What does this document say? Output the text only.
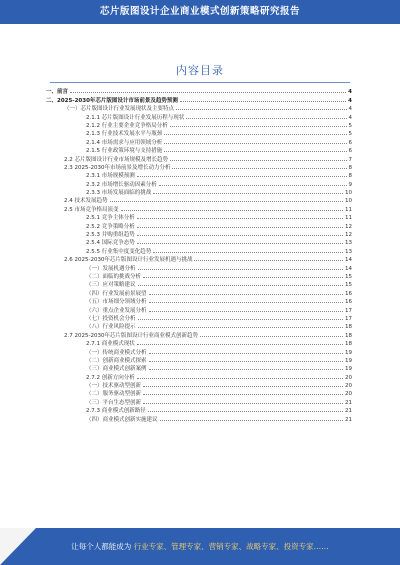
芯片版图设计企业商业模式创新策略研究报告
内容目录
一、前言	4
二、2025-2030年芯片版图设计市场前景及趋势预测	4
（一）芯片版图设计行业发展现状及主要特点	4
2.1.1 芯片版图设计行业发展历程与现状	4
2.1.2 行业主要企业竞争格局分析	5
2.1.3 行业技术发展水平与瓶颈	5
2.1.4 市场需求与应用领域分析	6
2.1.5 行业政策环境与支持措施	6
2.2 芯片版图设计行业市场规模及增长趋势	7
2.3 2025-2030年市场前景及增长动力分析	8
2.3.1 市场规模预测	8
2.3.2 市场增长驱动因素分析	9
2.3.3 市场发展面临的挑战	10
2.4 技术发展趋势	10
2.5 市场竞争格局演变	11
2.5.1 竞争主体分析	11
2.5.2 竞争策略分析	12
2.5.3 并购重组趋势	12
2.5.4 国际竞争态势	13
2.5.5 行业集中度变化趋势	13
2.6 2025-2030年芯片版图设计行业发展机遇与挑战	14
（一）发展机遇分析	14
（二）面临的挑战分析	15
（三）应对策略建议	15
（四）行业发展前景展望	16
（五）市场细分领域分析	16
（六）重点企业发展分析	17
（七）投资机会分析	17
（八）行业风险提示	18
2.7 2025-2030年芯片版图设计行业商业模式创新趋势	18
2.7.1 商业模式现状	18
（一）传统商业模式分析	19
（二）创新商业模式探索	19
（三）商业模式创新案例	19
2.7.2 创新方向分析	20
（一）技术驱动型创新	20
（二）服务驱动型创新	20
（三）平台生态型创新	21
2.7.3 商业模式创新路径	21
（四）商业模式创新实施建议	21
让每个人都能成为 行业专家、管理专家、营销专家、战略专家、投资专家……
